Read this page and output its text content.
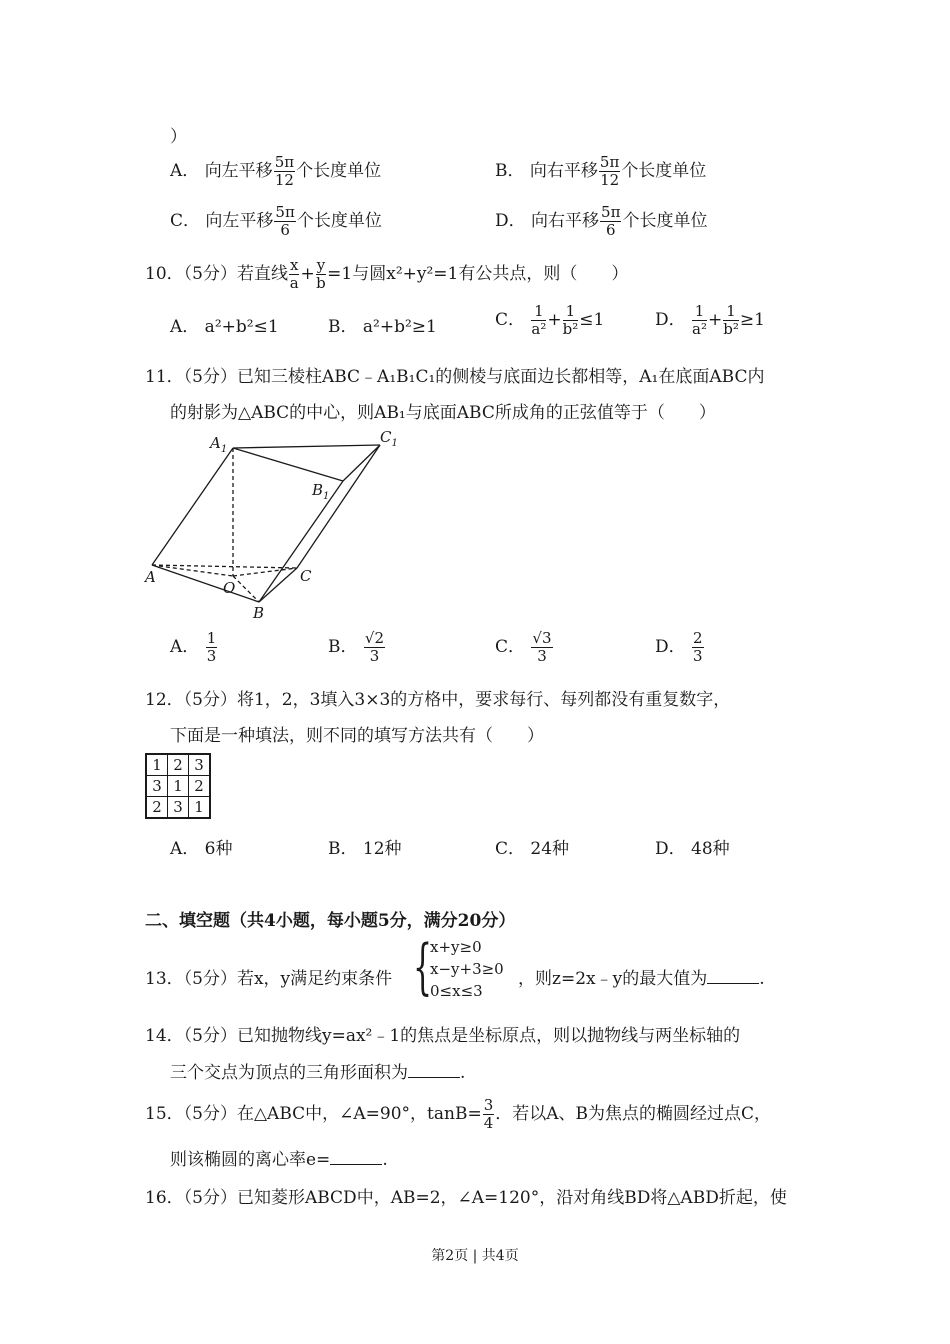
）
A． 向左平移 $\frac{5\pi}{12}$ 个长度单位	B． 向右平移 $\frac{5\pi}{12}$ 个长度单位
C． 向左平移 $\frac{5\pi}{6}$ 个长度单位	D． 向右平移 $\frac{5\pi}{6}$ 个长度单位
10．（5分）若直线 $\frac{x}{a} + \frac{y}{b} =1$与圆x²+y²=1有公共点，则（　　）
A． a²+b²≤1	B． a²+b²≥1	C． $\frac{1}{\text{a²}} + \frac{1}{\text{b²}} \le 1$	D． $\frac{1}{\text{a²}} + \frac{1}{\text{b²}} \ge 1$
11．（5分）已知三棱柱ABC﹣A₁B₁C₁的侧棱与底面边长都相等，A₁在底面ABC内
的射影为△ABC的中心，则AB₁与底面ABC所成角的正弦值等于（　　）
$A_1$
$C_1$
$B_1$
A	C
B
O
A． $\frac{1}{3}$	B． $\frac{√2}{3}$	C． $\frac{√3}{3}$	D． $\frac{2}{3}$
12．（5分）将1，2，3填入3×3的方格中，要求每行、每列都没有重复数字，
下面是一种填法，则不同的填写方法共有（　　）
1	2	3
3	1	2
2	3	1
A． 6种	B． 12种	C． 24种	D． 48种
二、填空题（共4小题，每小题5分，满分20分）
13．（5分）若x，y满足约束条件 {
x+y≥0
x−y+3≥0
0≤x≤3
，则z=2x﹣y的最大值为	.
14．（5分）已知抛物线y=ax²﹣1的焦点是坐标原点，则以抛物线与两坐标轴的
三个交点为顶点的三角形面积为	.
15．（5分）在△ABC中，∠A=90°，$\tan B= \frac{3}{4}$ ．若以A、B为焦点的椭圆经过点C，
则该椭圆的离心率e=	.
16．（5分）已知菱形ABCD中，AB=2，∠A=120°，沿对角线BD将△ABD折起，使
第2页 | 共4页
